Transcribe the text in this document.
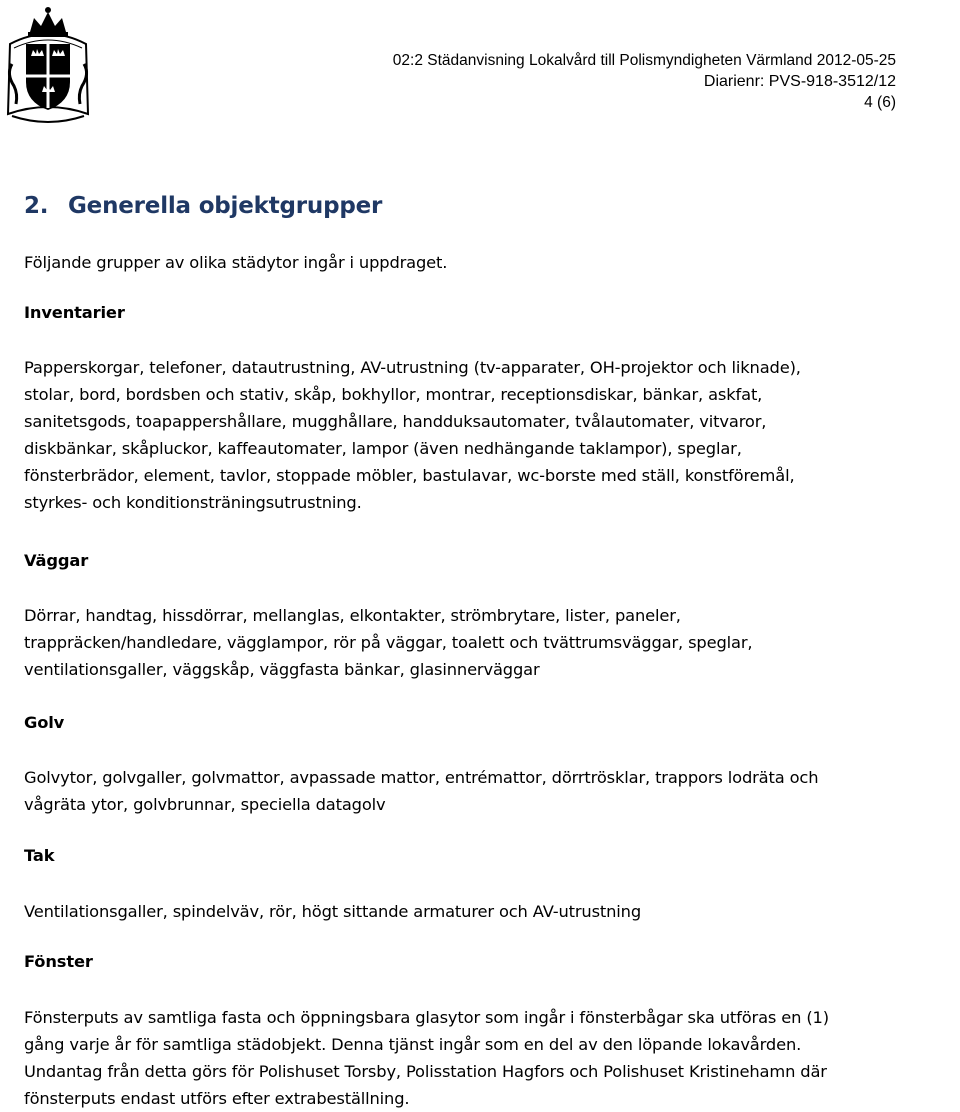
02:2 Städanvisning Lokalvård till Polismyndigheten Värmland 2012-05-25
Diarienr: PVS-918-3512/12
4 (6)
2. Generella objektgrupper

Följande grupper av olika städytor ingår i uppdraget.

Inventarier

Papperskorgar, telefoner, datautrustning, AV-utrustning (tv-apparater, OH-projektor och liknade),
stolar, bord, bordsben och stativ, skåp, bokhyllor, montrar, receptionsdiskar, bänkar, askfat,
sanitetsgods, toapappershållare, mugghållare, handduksautomater, tvålautomater, vitvaror,
diskbänkar, skåpluckor, kaffeautomater, lampor (även nedhängande taklampor), speglar,
fönsterbrädor, element, tavlor, stoppade möbler, bastulavar, wc-borste med ställ, konstföremål,
styrkes- och konditionsträningsutrustning.

Väggar

Dörrar, handtag, hissdörrar, mellanglas, elkontakter, strömbrytare, lister, paneler,
trappräcken/handledare, vägglampor, rör på väggar, toalett och tvättrumsväggar, speglar,
ventilationsgaller, väggskåp, väggfasta bänkar, glasinnerväggar

Golv

Golvytor, golvgaller, golvmattor, avpassade mattor, entrémattor, dörrtrösklar, trappors lodräta och
vågräta ytor, golvbrunnar, speciella datagolv

Tak

Ventilationsgaller, spindelväv, rör, högt sittande armaturer och AV-utrustning

Fönster

Fönsterputs av samtliga fasta och öppningsbara glasytor som ingår i fönsterbågar ska utföras en (1)
gång varje år för samtliga städobjekt. Denna tjänst ingår som en del av den löpande lokavården.
Undantag från detta görs för Polishuset Torsby, Polisstation Hagfors och Polishuset Kristinehamn där
fönsterputs endast utförs efter extrabeställning.
